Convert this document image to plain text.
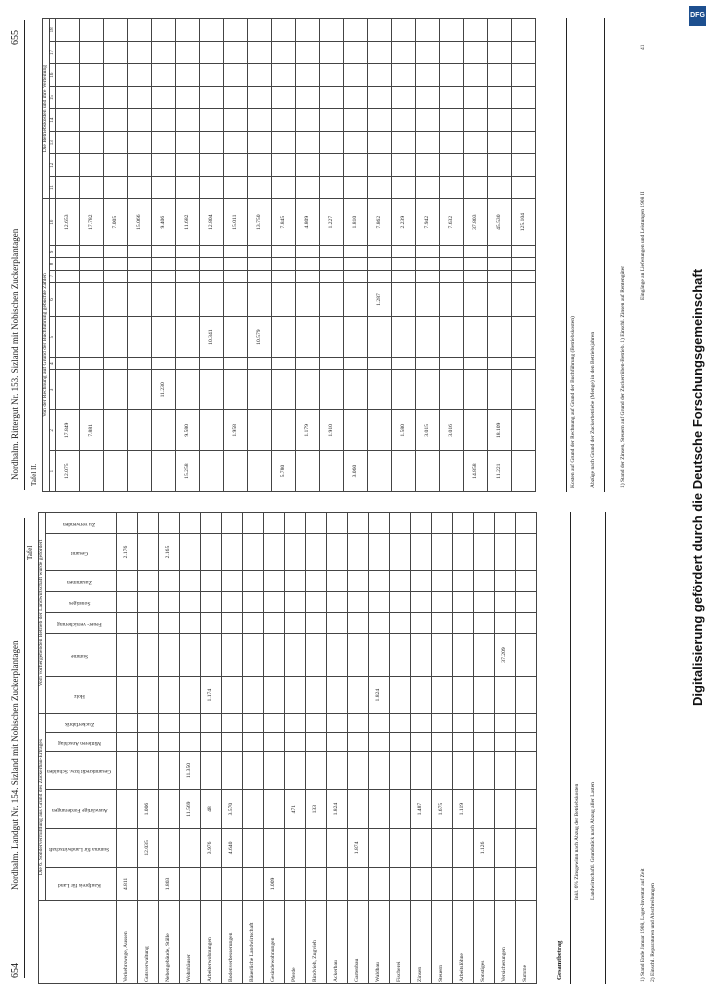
654
Nordhalm. Landgut Nr. 154. Sizland mit Nobischen Zuckerplantagen
Tafel
	Die 6. Sondervermittlung aus Grund des Zuckerbau-Ertrages						Vom vorhergehenden Betrieb der Landwirtschaft wurde gefördert						
	Kaufpreis für Land	Summa für Landwirtschaft	Auswärtige Forderungen	Gesamtkredit bzw. Schulden	Mittleren Anschlag	Zuckerfabrik	Holz	Summe	Feuer- versicherung	Sonstiges	Zusammen	Gesamt	Zu verwenden
Verkehrswege, Aussen	4.811											2.176	
Gutsverwaltung		12.035	1.006										
Nebengebäude, Ställe	1.803											2.165	
Wohnhäuser			11.569	11.350									
Arbeiterwohnungen		3.976	48				1.174						
Bodenverbesserungen		4.640	3.570										
Bäuerliche Landwirtschaft													
Gesindewohnungen	1.009												
Pferde			471										
Rindvieh, Zugvieh			133										
Ackerbau			1.824										
Gartenbau		1.874											
Waldbau							1.824						
Fischerei													
Zinsen			1.487										
Steuern			1.675										
Arbeitslöhne			1.119										
Sonstiges		1.126											
Versicherungen								37.209					
Summe														Gesamtbetrag
Inkl. 6% Zinsgewinn nach Abzug der Betriebskosten Landwirtschaftl. Grundstück nach Abzug aller Lasten
1) Stand Ende Januar 1908, Lager-Inventar auf Zeit 2) Einschl. Reparaturen und Abschreibungen
Nordhalm. Rittergut Nr. 153. Sizland mit Nobischen Zuckerplantagen
655
Tafel II.
Von der Rechnung auf Grund der Buchführung gebuchte Zahlen										Die Betriebskosten und ihre Verteilung							
1	2	3	4	5	6	7	8	9	10	11	12	13	14	15	16	17	18
12.075	17.849								12.653								
	7.881								17.782								
									7.005								
									15.066								
		11.230							9.406								
15.258	9.580								11.682								
				10.341					12.804								
	1.958								15.011								
				10.579					13.750								
5.780									7.845								
	1.179								4.809								
	1.910								1.227								
3.060									1.810								
					1.287				7.862								
	1.580								2.239								
	3.015								7.942								
	3.016								7.632								
14.858									37.803								
11.221	18.109								45.530								
									125.104								
Kosten auf Grund der Rechnung auf Grund der Buchführung (Betriebskosten)	Abzüge nach Grund der Zuckerbetriebe (Menge) in den Betriebsjahren	1) Stand der Zinsen, Steuern auf Grund der Zuckerrüben-Betrieb. 1) Einschl. Zinsen auf Rentengüter
Eingänge an Lieferungen und Leistungen 1908 II
41
DFG
Digitalisierung gefördert durch die Deutsche Forschungsgemeinschaft
